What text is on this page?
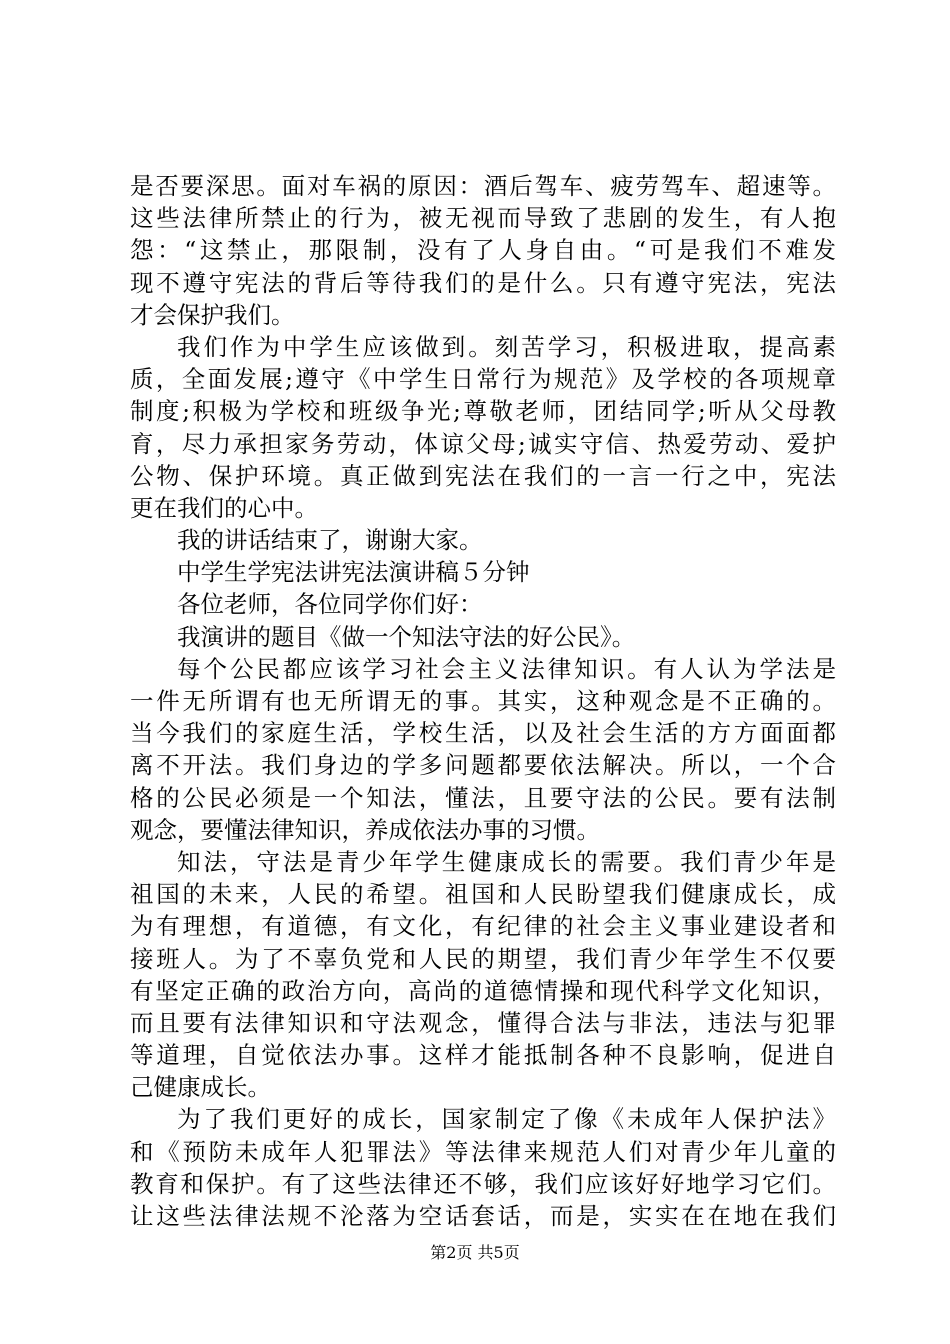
是否要深思。面对车祸的原因：酒后驾车、疲劳驾车、超速等。
这些法律所禁止的行为，被无视而导致了悲剧的发生，有人抱
怨：“这禁止，那限制，没有了人身自由。“可是我们不难发
现不遵守宪法的背后等待我们的是什么。只有遵守宪法，宪法
才会保护我们。
我们作为中学生应该做到。刻苦学习，积极进取，提高素
质，全面发展;遵守《中学生日常行为规范》及学校的各项规章
制度;积极为学校和班级争光;尊敬老师，团结同学;听从父母教
育，尽力承担家务劳动，体谅父母;诚实守信、热爱劳动、爱护
公物、保护环境。真正做到宪法在我们的一言一行之中，宪法
更在我们的心中。
我的讲话结束了，谢谢大家。
中学生学宪法讲宪法演讲稿５分钟
各位老师，各位同学你们好：
我演讲的题目《做一个知法守法的好公民》。
每个公民都应该学习社会主义法律知识。有人认为学法是
一件无所谓有也无所谓无的事。其实，这种观念是不正确的。
当今我们的家庭生活，学校生活，以及社会生活的方方面面都
离不开法。我们身边的学多问题都要依法解决。所以，一个合
格的公民必须是一个知法，懂法，且要守法的公民。要有法制
观念，要懂法律知识，养成依法办事的习惯。
知法，守法是青少年学生健康成长的需要。我们青少年是
祖国的未来，人民的希望。祖国和人民盼望我们健康成长，成
为有理想，有道德，有文化，有纪律的社会主义事业建设者和
接班人。为了不辜负党和人民的期望，我们青少年学生不仅要
有坚定正确的政治方向，高尚的道德情操和现代科学文化知识，
而且要有法律知识和守法观念，懂得合法与非法，违法与犯罪
等道理，自觉依法办事。这样才能抵制各种不良影响，促进自
己健康成长。
为了我们更好的成长，国家制定了像《未成年人保护法》
和《预防未成年人犯罪法》等法律来规范人们对青少年儿童的
教育和保护。有了这些法律还不够，我们应该好好地学习它们。
让这些法律法规不沦落为空话套话，而是，实实在在地在我们
第2页 共5页
